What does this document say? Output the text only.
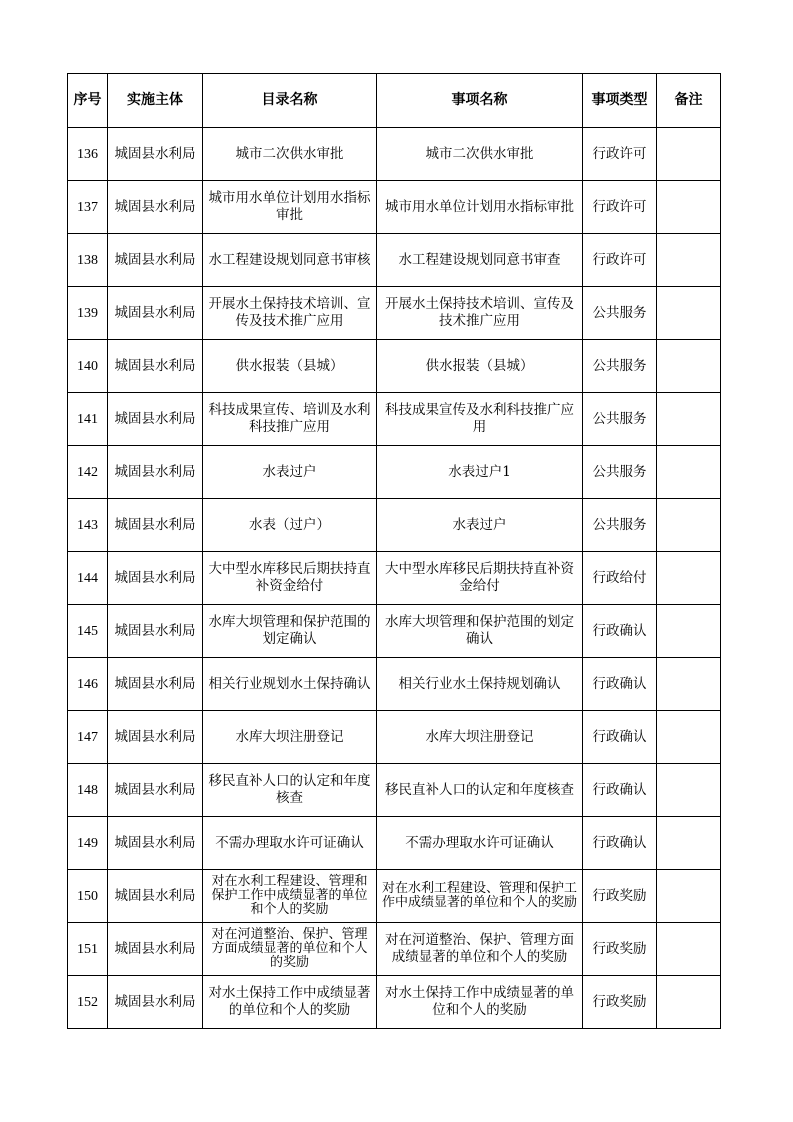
序号	实施主体	目录名称	事项名称	事项类型	备注
136	城固县水利局	城市二次供水审批	城市二次供水审批	行政许可	
137	城固县水利局	城市用水单位计划用水指标审批	城市用水单位计划用水指标审批	行政许可	
138	城固县水利局	水工程建设规划同意书审核	水工程建设规划同意书审查	行政许可	
139	城固县水利局	开展水土保持技术培训、宣传及技术推广应用	开展水土保持技术培训、宣传及技术推广应用	公共服务	
140	城固县水利局	供水报装（县城）	供水报装（县城）	公共服务	
141	城固县水利局	科技成果宣传、培训及水利科技推广应用	科技成果宣传及水利科技推广应用	公共服务	
142	城固县水利局	水表过户	水表过户1	公共服务	
143	城固县水利局	水表（过户）	水表过户	公共服务	
144	城固县水利局	大中型水库移民后期扶持直补资金给付	大中型水库移民后期扶持直补资金给付	行政给付	
145	城固县水利局	水库大坝管理和保护范围的划定确认	水库大坝管理和保护范围的划定确认	行政确认	
146	城固县水利局	相关行业规划水土保持确认	相关行业水土保持规划确认	行政确认	
147	城固县水利局	水库大坝注册登记	水库大坝注册登记	行政确认	
148	城固县水利局	移民直补人口的认定和年度核查	移民直补人口的认定和年度核查	行政确认	
149	城固县水利局	不需办理取水许可证确认	不需办理取水许可证确认	行政确认	
150	城固县水利局	对在水利工程建设、管理和保护工作中成绩显著的单位和个人的奖励	对在水利工程建设、管理和保护工作中成绩显著的单位和个人的奖励	行政奖励	
151	城固县水利局	对在河道整治、保护、管理方面成绩显著的单位和个人的奖励	对在河道整治、保护、管理方面成绩显著的单位和个人的奖励	行政奖励	
152	城固县水利局	对水土保持工作中成绩显著的单位和个人的奖励	对水土保持工作中成绩显著的单位和个人的奖励	行政奖励	
